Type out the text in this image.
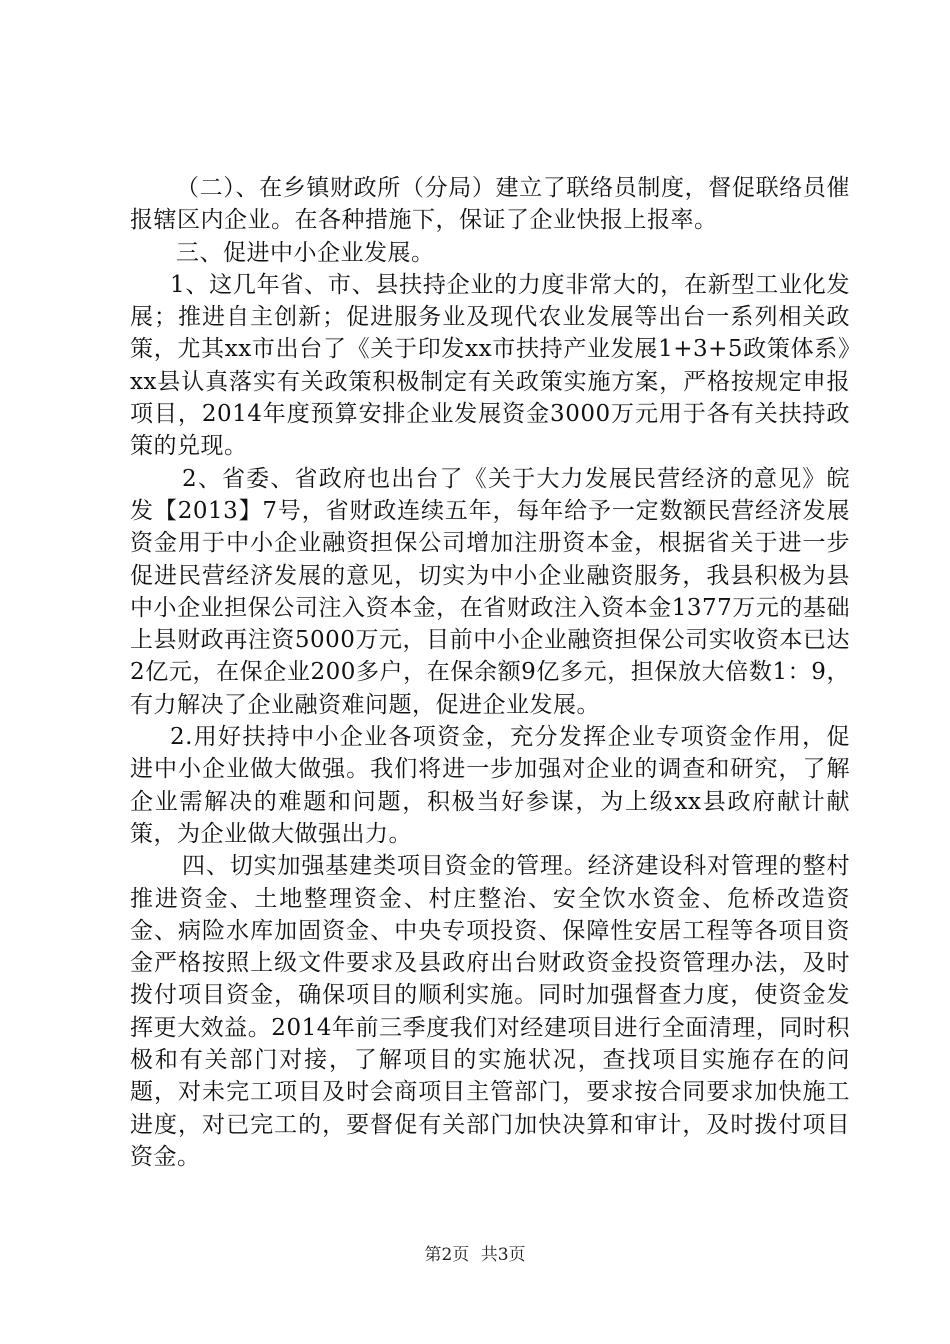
（二）、在乡镇财政所（分局）建立了联络员制度，督促联络员催报辖区内企业。在各种措施下，保证了企业快报上报率。

三、促进中小企业发展。

1、这几年省、市、县扶持企业的力度非常大的，在新型工业化发展；推进自主创新；促进服务业及现代农业发展等出台一系列相关政策，尤其xx市出台了《关于印发xx市扶持产业发展1+3+5政策体系》xx县认真落实有关政策积极制定有关政策实施方案，严格按规定申报项目，2014年度预算安排企业发展资金3000万元用于各有关扶持政策的兑现。

2、省委、省政府也出台了《关于大力发展民营经济的意见》皖发【2013】7号，省财政连续五年，每年给予一定数额民营经济发展资金用于中小企业融资担保公司增加注册资本金，根据省关于进一步促进民营经济发展的意见，切实为中小企业融资服务，我县积极为县中小企业担保公司注入资本金，在省财政注入资本金1377万元的基础上县财政再注资5000万元，目前中小企业融资担保公司实收资本已达2亿元，在保企业200多户，在保余额9亿多元，担保放大倍数1：9，有力解决了企业融资难问题，促进企业发展。

2.用好扶持中小企业各项资金，充分发挥企业专项资金作用，促进中小企业做大做强。我们将进一步加强对企业的调查和研究，了解企业需解决的难题和问题，积极当好参谋，为上级xx县政府献计献策，为企业做大做强出力。

四、切实加强基建类项目资金的管理。经济建设科对管理的整村推进资金、土地整理资金、村庄整治、安全饮水资金、危桥改造资金、病险水库加固资金、中央专项投资、保障性安居工程等各项目资金严格按照上级文件要求及县政府出台财政资金投资管理办法，及时拨付项目资金，确保项目的顺利实施。同时加强督查力度，使资金发挥更大效益。2014年前三季度我们对经建项目进行全面清理，同时积极和有关部门对接，了解项目的实施状况，查找项目实施存在的问题，对未完工项目及时会商项目主管部门，要求按合同要求加快施工进度，对已完工的，要督促有关部门加快决算和审计，及时拨付项目资金。

第2页 共3页
